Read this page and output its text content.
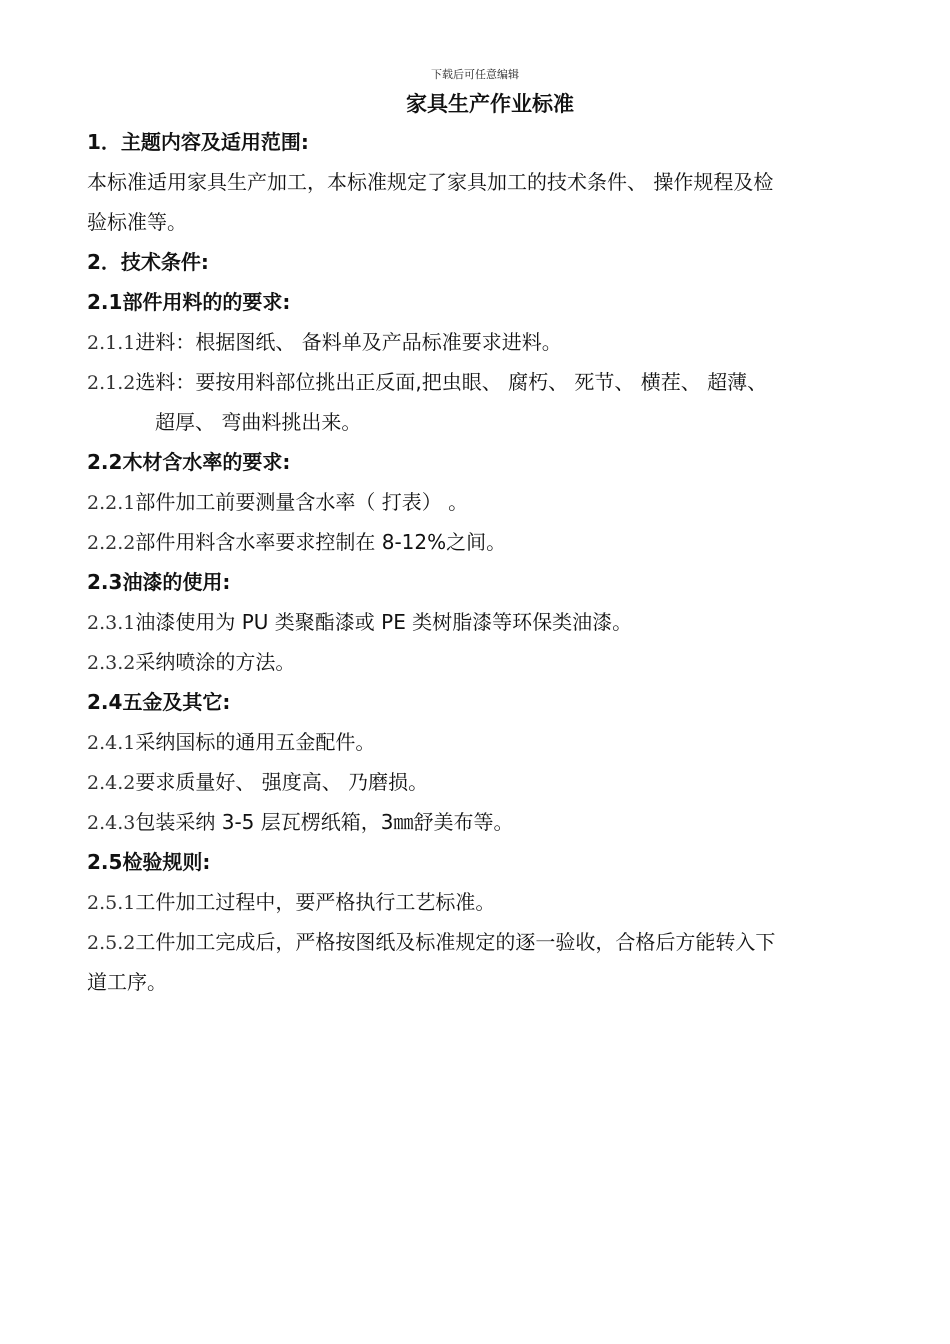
下载后可任意编辑
家具生产作业标准
1．主题内容及适用范围:
本标准适用家具生产加工，本标准规定了家具加工的技术条件、 操作规程及检
验标准等。
2．技术条件:
2.1部件用料的的要求:
2.1.1进料：根据图纸、 备料单及产品标准要求进料。
2.1.2选料：要按用料部位挑出正反面,把虫眼、 腐朽、 死节、 横茬、 超薄、
超厚、 弯曲料挑出来。
2.2木材含水率的要求:
2.2.1部件加工前要测量含水率（ 打表） 。
2.2.2部件用料含水率要求控制在 8-12%之间。
2.3油漆的使用:
2.3.1油漆使用为 PU 类聚酯漆或 PE 类树脂漆等环保类油漆。
2.3.2采纳喷涂的方法。
2.4五金及其它:
2.4.1采纳国标的通用五金配件。
2.4.2要求质量好、 强度高、 乃磨损。
2.4.3包装采纳 3-5 层瓦楞纸箱，3㎜舒美布等。
2.5检验规则:
2.5.1工件加工过程中，要严格执行工艺标准。
2.5.2工件加工完成后，严格按图纸及标准规定的逐一验收，合格后方能转入下
道工序。
